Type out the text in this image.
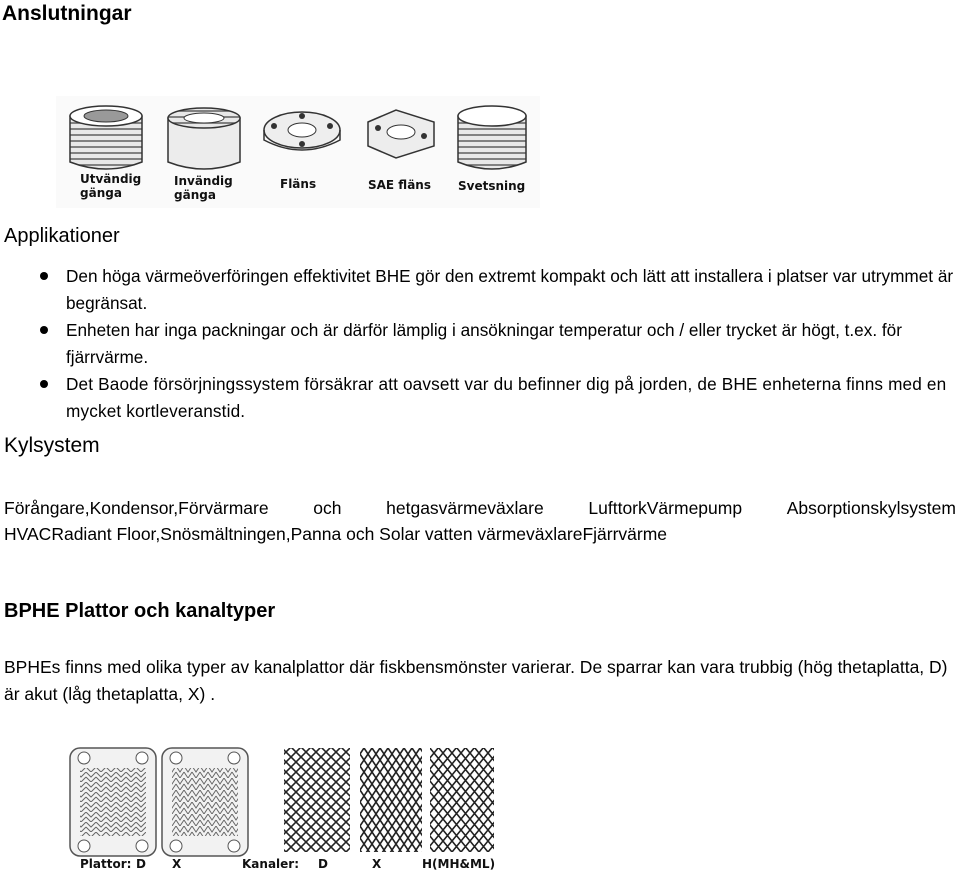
Anslutningar
Utvändig
gänga
Invändig
gänga
Fläns	SAE fläns Svetsning
Applikationer
Den höga värmeöverföringen effektivitet BHE gör den extremt kompakt och lätt att installera i platser var utrymmet är begränsat.
Enheten har inga packningar och är därför lämplig i ansökningar temperatur och / eller trycket är högt, t.ex. för fjärrvärme.
Det Baode försörjningssystem försäkrar att oavsett var du befinner dig på jorden, de BHE enheterna finns med en mycket kortleveranstid.
Kylsystem
Förångare,Kondensor,Förvärmare	och	hetgasvärmeväxlare	LufttorkVärmepump	Absorptionskylsystem
HVACRadiant Floor,Snösmältningen,Panna och Solar vatten värmeväxlareFjärrvärme
BPHE Plattor och kanaltyper
BPHEs finns med olika typer av kanalplattor där fiskbensmönster varierar. De sparrar kan vara trubbig (hög thetaplatta, D) är akut (låg thetaplatta, X) .
Plattor: D X	Kanaler: D	X	H(MH&ML)
